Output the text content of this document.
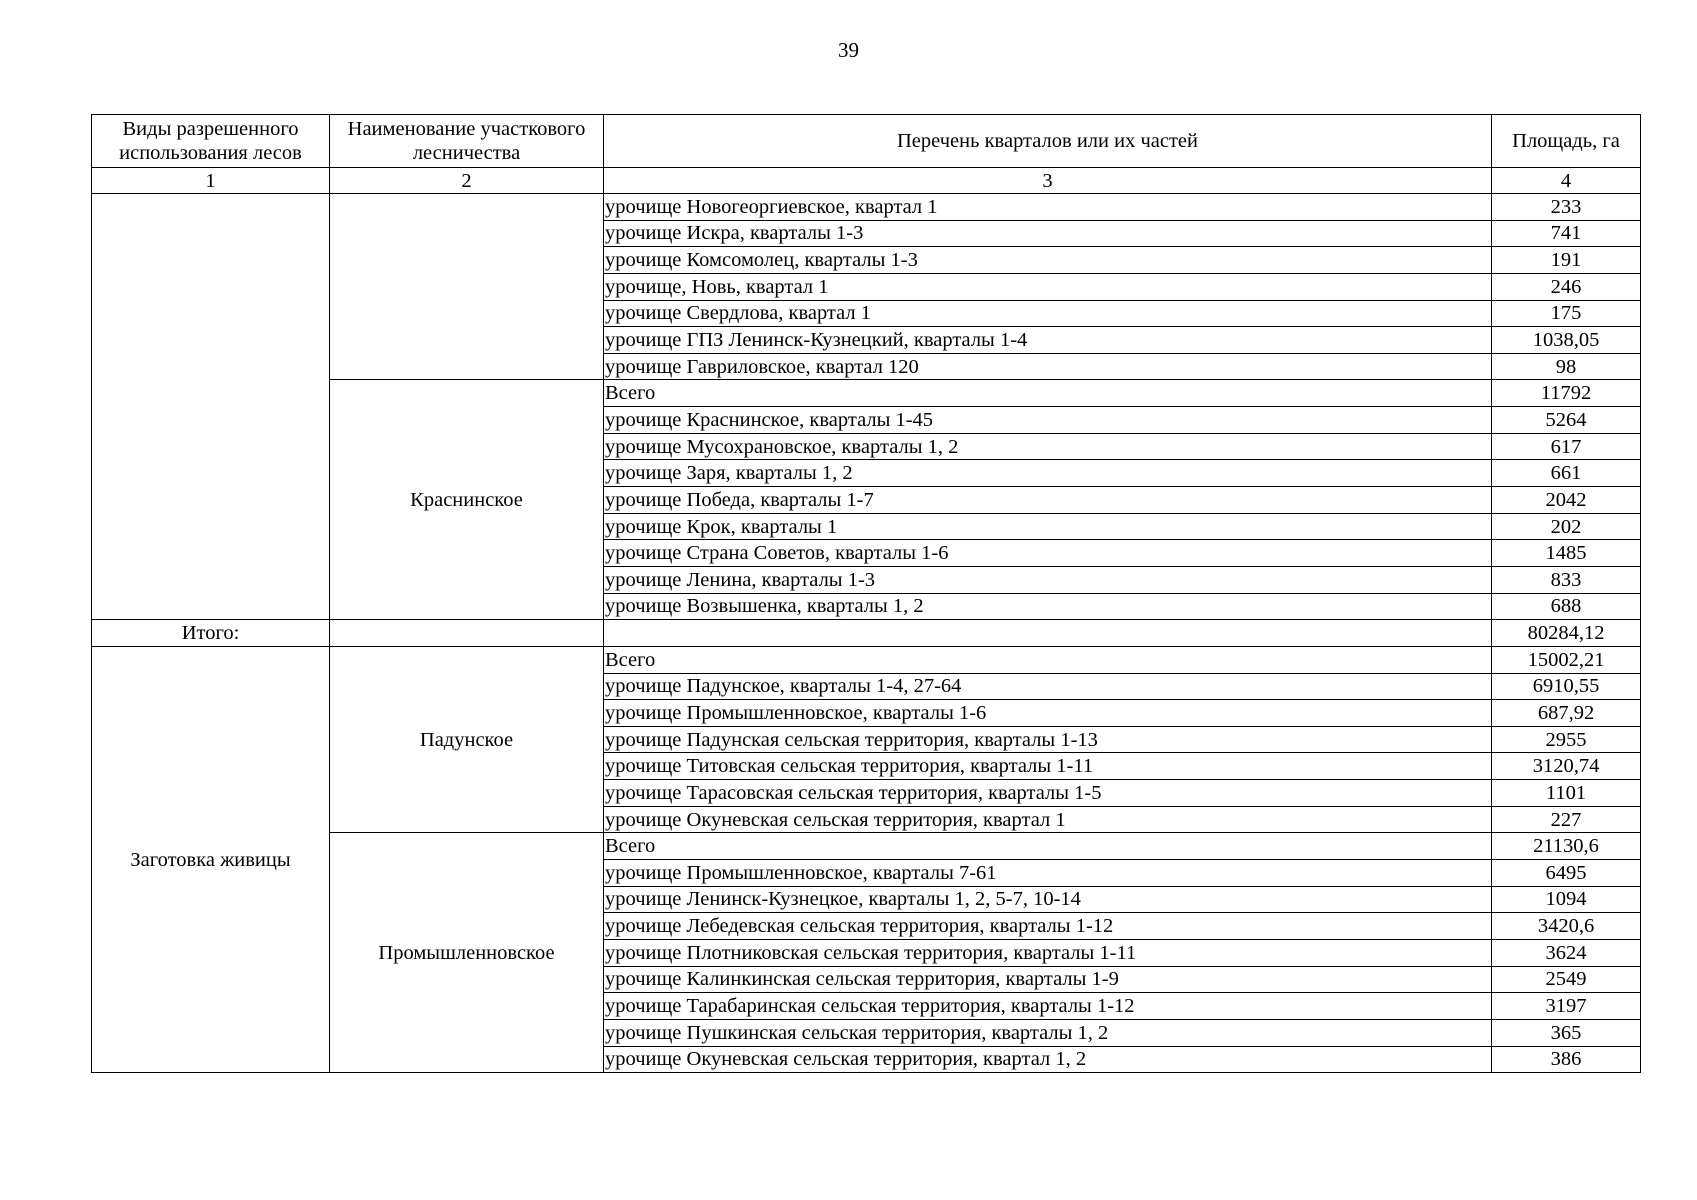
39
Виды разрешенного использования лесов	Наименование участкового лесничества	Перечень кварталов или их частей	Площадь, га
1	2	3	4
		урочище Новогеоргиевское, квартал 1	233
		урочище Искра, кварталы 1-3	741
		урочище Комсомолец, кварталы 1-3	191
		урочище, Новь, квартал 1	246
		урочище Свердлова, квартал 1	175
		урочище ГПЗ Ленинск-Кузнецкий, кварталы 1-4	1038,05
		урочище Гавриловское, квартал 120	98
	Краснинское	Всего	11792
		урочище Краснинское, кварталы 1-45	5264
		урочище Мусохрановское, кварталы 1, 2	617
		урочище Заря, кварталы 1, 2	661
		урочище Победа, кварталы 1-7	2042
		урочище Крок, кварталы 1	202
		урочище Страна Советов, кварталы 1-6	1485
		урочище Ленина, кварталы 1-3	833
		урочище Возвышенка, кварталы 1, 2	688
Итого:			80284,12
Заготовка живицы	Падунское	Всего	15002,21
		урочище Падунское, кварталы 1-4, 27-64	6910,55
		урочище Промышленновское, кварталы 1-6	687,92
		урочище Падунская сельская территория, кварталы 1-13	2955
		урочище Титовская сельская территория, кварталы 1-11	3120,74
		урочище Тарасовская сельская территория, кварталы 1-5	1101
		урочище Окуневская сельская территория, квартал 1	227
	Промышленновское	Всего	21130,6
		урочище Промышленновское, кварталы 7-61	6495
		урочище Ленинск-Кузнецкое, кварталы 1, 2, 5-7, 10-14	1094
		урочище Лебедевская сельская территория, кварталы 1-12	3420,6
		урочище Плотниковская сельская территория, кварталы 1-11	3624
		урочище Калинкинская сельская территория, кварталы 1-9	2549
		урочище Тарабаринская сельская территория, кварталы 1-12	3197
		урочище Пушкинская сельская территория, кварталы 1, 2	365
		урочище Окуневская сельская территория, квартал 1, 2	386
